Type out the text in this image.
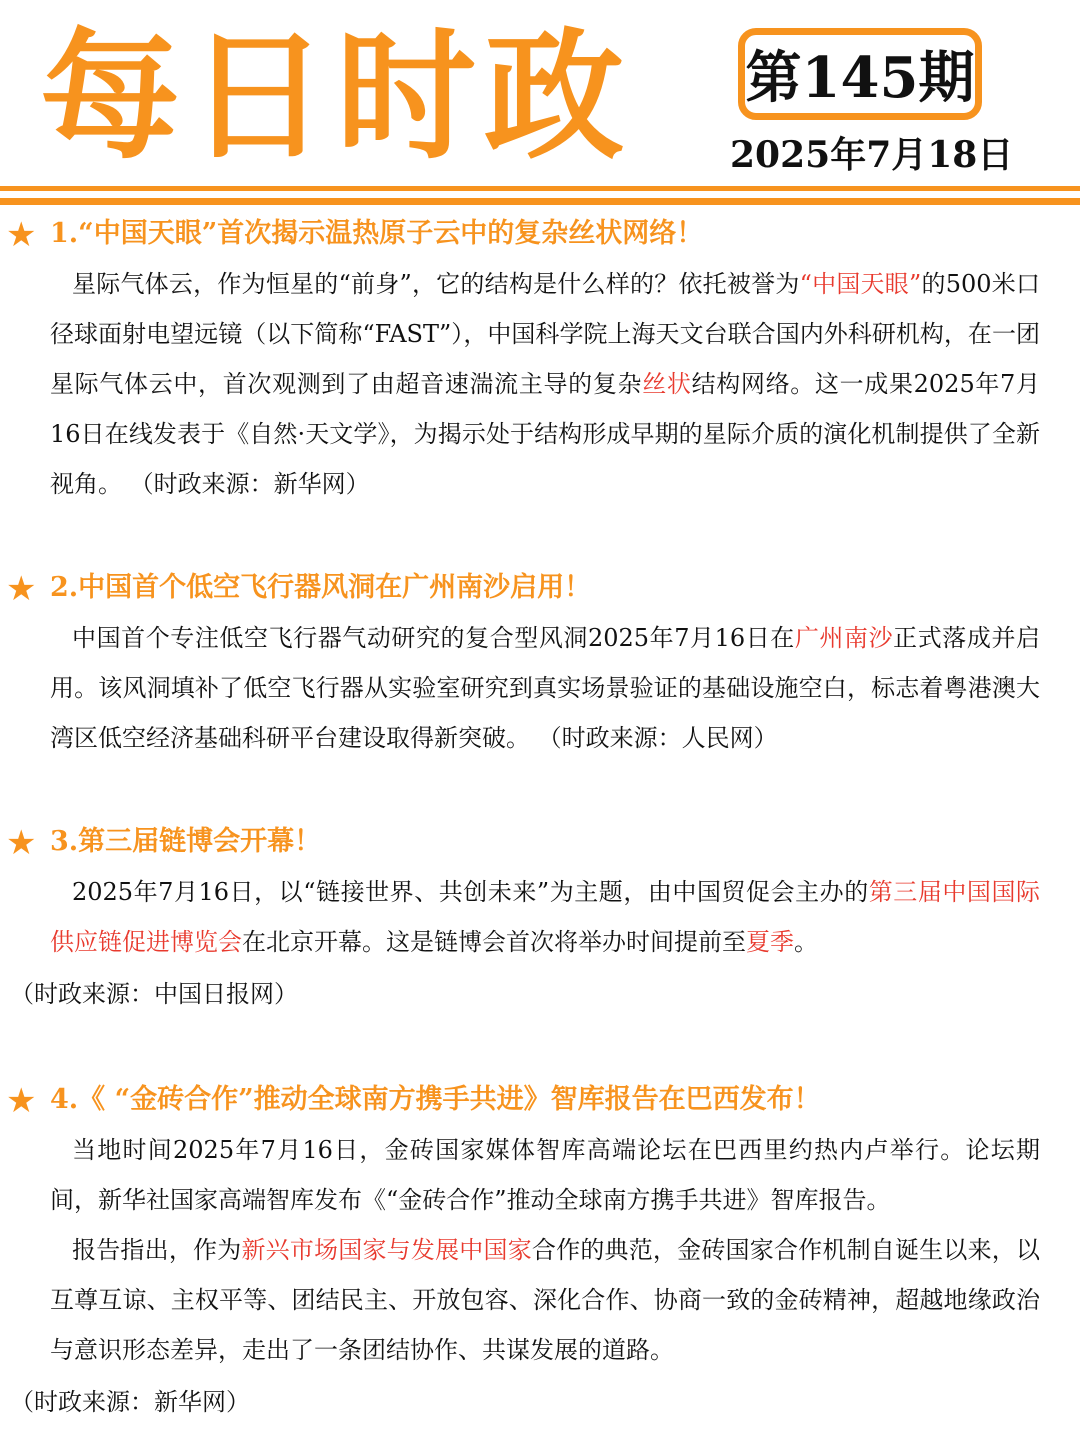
每日时政 第145期
2025年7月18日
★ 1.“中国天眼”首次揭示温热原子云中的复杂丝状网络！

星际气体云，作为恒星的“前身”，它的结构是什么样的？依托被誉为“中国天眼”的500米口径球面射电望远镜（以下简称“FAST”），中国科学院上海天文台联合国内外科研机构，在一团星际气体云中，首次观测到了由超音速湍流主导的复杂丝状结构网络。这一成果2025年7月16日在线发表于《自然·天文学》，为揭示处于结构形成早期的星际介质的演化机制提供了全新视角。 （时政来源：新华网）

★ 2.中国首个低空飞行器风洞在广州南沙启用！

中国首个专注低空飞行器气动研究的复合型风洞2025年7月16日在广州南沙正式落成并启用。该风洞填补了低空飞行器从实验室研究到真实场景验证的基础设施空白，标志着粤港澳大湾区低空经济基础科研平台建设取得新突破。 （时政来源：人民网）

★ 3.第三届链博会开幕！

2025年7月16日，以“链接世界、共创未来”为主题，由中国贸促会主办的第三届中国国际供应链促进博览会在北京开幕。这是链博会首次将举办时间提前至夏季。

（时政来源：中国日报网）
★ 4.《 “金砖合作”推动全球南方携手共进》智库报告在巴西发布！

当地时间2025年7月16日，金砖国家媒体智库高端论坛在巴西里约热内卢举行。论坛期间，新华社国家高端智库发布《“金砖合作”推动全球南方携手共进》智库报告。

报告指出，作为新兴市场国家与发展中国家合作的典范，金砖国家合作机制自诞生以来，以互尊互谅、主权平等、团结民主、开放包容、深化合作、协商一致的金砖精神，超越地缘政治与意识形态差异，走出了一条团结协作、共谋发展的道路。

（时政来源：新华网）
